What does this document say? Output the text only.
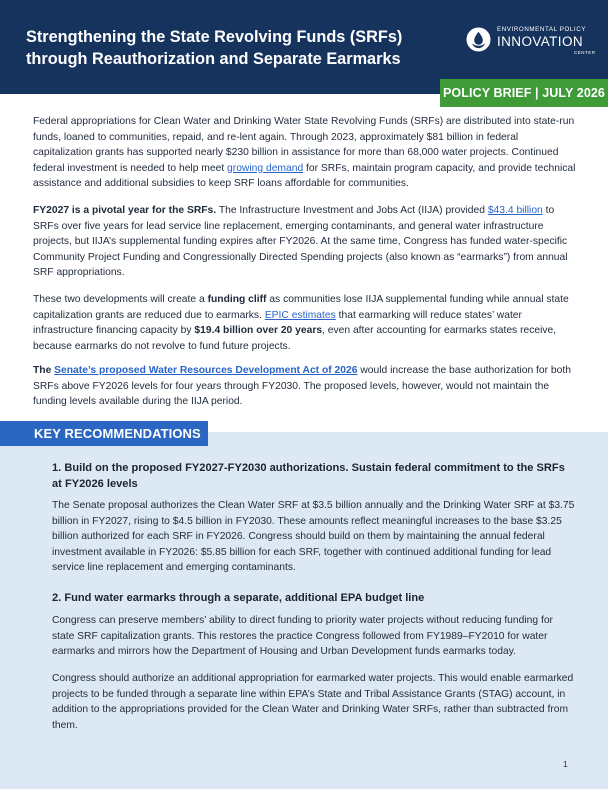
Strengthening the State Revolving Funds (SRFs)
through Reauthorization and Separate Earmarks
ENVIRONMENTAL POLICY
INNOVATION
CENTER
POLICY BRIEF | JULY 2026

Federal appropriations for Clean Water and Drinking Water State Revolving Funds (SRFs) are distributed into state-run funds, loaned to communities, repaid, and re-lent again. Through 2023, approximately $81 billion in federal capitalization grants has supported nearly $230 billion in assistance for more than 68,000 water projects. Continued federal investment is needed to help meet growing demand for SRFs, maintain program capacity, and provide technical assistance and additional subsidies to keep SRF loans affordable for communities.

FY2027 is a pivotal year for the SRFs. The Infrastructure Investment and Jobs Act (IIJA) provided $43.4 billion to SRFs over five years for lead service line replacement, emerging contaminants, and general water infrastructure projects, but IIJA’s supplemental funding expires after FY2026. At the same time, Congress has funded water-specific Community Project Funding and Congressionally Directed Spending projects (also known as “earmarks”) from annual SRF appropriations.

These two developments will create a funding cliff as communities lose IIJA supplemental funding while annual state capitalization grants are reduced due to earmarks. EPIC estimates that earmarking will reduce states’ water infrastructure financing capacity by $19.4 billion over 20 years, even after accounting for earmarks states receive, because earmarks do not revolve to fund future projects.

The Senate’s proposed Water Resources Development Act of 2026 would increase the base authorization for both SRFs above FY2026 levels for four years through FY2030. The proposed levels, however, would not maintain the funding levels available during the IIJA period.

KEY RECOMMENDATIONS
1. Build on the proposed FY2027-FY2030 authorizations. Sustain federal commitment to the SRFs at FY2026 levels

The Senate proposal authorizes the Clean Water SRF at $3.5 billion annually and the Drinking Water SRF at $3.75 billion in FY2027, rising to $4.5 billion in FY2030. These amounts reflect meaningful increases to the base $3.25 billion authorized for each SRF in FY2026. Congress should build on them by maintaining the annual federal investment available in FY2026: $5.85 billion for each SRF, together with continued additional funding for lead service line replacement and emerging contaminants.

2. Fund water earmarks through a separate, additional EPA budget line

Congress can preserve members’ ability to direct funding to priority water projects without reducing funding for state SRF capitalization grants. This restores the practice Congress followed from FY1989–FY2010 for water earmarks and mirrors how the Department of Housing and Urban Development funds earmarks today.

Congress should authorize an additional appropriation for earmarked water projects. This would enable earmarked projects to be funded through a separate line within EPA’s State and Tribal Assistance Grants (STAG) account, in addition to the appropriations provided for the Clean Water and Drinking Water SRFs, rather than subtracted from them.

1
